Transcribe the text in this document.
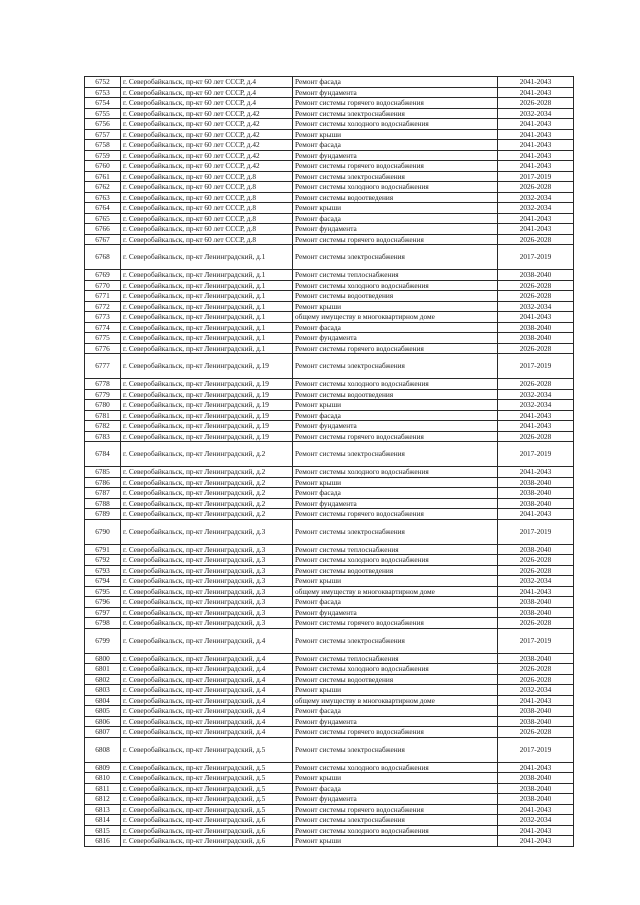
6752	г. Северобайкальск, пр-кт 60 лет СССР, д.4	Ремонт фасада	2041-2043
6753	г. Северобайкальск, пр-кт 60 лет СССР, д.4	Ремонт фундамента	2041-2043
6754	г. Северобайкальск, пр-кт 60 лет СССР, д.4	Ремонт системы горячего водоснабжения	2026-2028
6755	г. Северобайкальск, пр-кт 60 лет СССР, д.42	Ремонт системы электроснабжения	2032-2034
6756	г. Северобайкальск, пр-кт 60 лет СССР, д.42	Ремонт системы холодного водоснабжения	2041-2043
6757	г. Северобайкальск, пр-кт 60 лет СССР, д.42	Ремонт крыши	2041-2043
6758	г. Северобайкальск, пр-кт 60 лет СССР, д.42	Ремонт фасада	2041-2043
6759	г. Северобайкальск, пр-кт 60 лет СССР, д.42	Ремонт фундамента	2041-2043
6760	г. Северобайкальск, пр-кт 60 лет СССР, д.42	Ремонт системы горячего водоснабжения	2041-2043
6761	г. Северобайкальск, пр-кт 60 лет СССР, д.8	Ремонт системы электроснабжения	2017-2019
6762	г. Северобайкальск, пр-кт 60 лет СССР, д.8	Ремонт системы холодного водоснабжения	2026-2028
6763	г. Северобайкальск, пр-кт 60 лет СССР, д.8	Ремонт системы водоотведения	2032-2034
6764	г. Северобайкальск, пр-кт 60 лет СССР, д.8	Ремонт крыши	2032-2034
6765	г. Северобайкальск, пр-кт 60 лет СССР, д.8	Ремонт фасада	2041-2043
6766	г. Северобайкальск, пр-кт 60 лет СССР, д.8	Ремонт фундамента	2041-2043
6767	г. Северобайкальск, пр-кт 60 лет СССР, д.8	Ремонт системы горячего водоснабжения	2026-2028
6768	г. Северобайкальск, пр-кт Ленинградский, д.1	Ремонт системы электроснабжения	2017-2019
6769	г. Северобайкальск, пр-кт Ленинградский, д.1	Ремонт системы теплоснабжения	2038-2040
6770	г. Северобайкальск, пр-кт Ленинградский, д.1	Ремонт системы холодного водоснабжения	2026-2028
6771	г. Северобайкальск, пр-кт Ленинградский, д.1	Ремонт системы водоотведения	2026-2028
6772	г. Северобайкальск, пр-кт Ленинградский, д.1	Ремонт крыши	2032-2034
6773	г. Северобайкальск, пр-кт Ленинградский, д.1	общему имуществу в многоквартирном доме	2041-2043
6774	г. Северобайкальск, пр-кт Ленинградский, д.1	Ремонт фасада	2038-2040
6775	г. Северобайкальск, пр-кт Ленинградский, д.1	Ремонт фундамента	2038-2040
6776	г. Северобайкальск, пр-кт Ленинградский, д.1	Ремонт системы горячего водоснабжения	2026-2028
6777	г. Северобайкальск, пр-кт Ленинградский, д.19	Ремонт системы электроснабжения	2017-2019
6778	г. Северобайкальск, пр-кт Ленинградский, д.19	Ремонт системы холодного водоснабжения	2026-2028
6779	г. Северобайкальск, пр-кт Ленинградский, д.19	Ремонт системы водоотведения	2032-2034
6780	г. Северобайкальск, пр-кт Ленинградский, д.19	Ремонт крыши	2032-2034
6781	г. Северобайкальск, пр-кт Ленинградский, д.19	Ремонт фасада	2041-2043
6782	г. Северобайкальск, пр-кт Ленинградский, д.19	Ремонт фундамента	2041-2043
6783	г. Северобайкальск, пр-кт Ленинградский, д.19	Ремонт системы горячего водоснабжения	2026-2028
6784	г. Северобайкальск, пр-кт Ленинградский, д.2	Ремонт системы электроснабжения	2017-2019
6785	г. Северобайкальск, пр-кт Ленинградский, д.2	Ремонт системы холодного водоснабжения	2041-2043
6786	г. Северобайкальск, пр-кт Ленинградский, д.2	Ремонт крыши	2038-2040
6787	г. Северобайкальск, пр-кт Ленинградский, д.2	Ремонт фасада	2038-2040
6788	г. Северобайкальск, пр-кт Ленинградский, д.2	Ремонт фундамента	2038-2040
6789	г. Северобайкальск, пр-кт Ленинградский, д.2	Ремонт системы горячего водоснабжения	2041-2043
6790	г. Северобайкальск, пр-кт Ленинградский, д.3	Ремонт системы электроснабжения	2017-2019
6791	г. Северобайкальск, пр-кт Ленинградский, д.3	Ремонт системы теплоснабжения	2038-2040
6792	г. Северобайкальск, пр-кт Ленинградский, д.3	Ремонт системы холодного водоснабжения	2026-2028
6793	г. Северобайкальск, пр-кт Ленинградский, д.3	Ремонт системы водоотведения	2026-2028
6794	г. Северобайкальск, пр-кт Ленинградский, д.3	Ремонт крыши	2032-2034
6795	г. Северобайкальск, пр-кт Ленинградский, д.3	общему имуществу в многоквартирном доме	2041-2043
6796	г. Северобайкальск, пр-кт Ленинградский, д.3	Ремонт фасада	2038-2040
6797	г. Северобайкальск, пр-кт Ленинградский, д.3	Ремонт фундамента	2038-2040
6798	г. Северобайкальск, пр-кт Ленинградский, д.3	Ремонт системы горячего водоснабжения	2026-2028
6799	г. Северобайкальск, пр-кт Ленинградский, д.4	Ремонт системы электроснабжения	2017-2019
6800	г. Северобайкальск, пр-кт Ленинградский, д.4	Ремонт системы теплоснабжения	2038-2040
6801	г. Северобайкальск, пр-кт Ленинградский, д.4	Ремонт системы холодного водоснабжения	2026-2028
6802	г. Северобайкальск, пр-кт Ленинградский, д.4	Ремонт системы водоотведения	2026-2028
6803	г. Северобайкальск, пр-кт Ленинградский, д.4	Ремонт крыши	2032-2034
6804	г. Северобайкальск, пр-кт Ленинградский, д.4	общему имуществу в многоквартирном доме	2041-2043
6805	г. Северобайкальск, пр-кт Ленинградский, д.4	Ремонт фасада	2038-2040
6806	г. Северобайкальск, пр-кт Ленинградский, д.4	Ремонт фундамента	2038-2040
6807	г. Северобайкальск, пр-кт Ленинградский, д.4	Ремонт системы горячего водоснабжения	2026-2028
6808	г. Северобайкальск, пр-кт Ленинградский, д.5	Ремонт системы электроснабжения	2017-2019
6809	г. Северобайкальск, пр-кт Ленинградский, д.5	Ремонт системы холодного водоснабжения	2041-2043
6810	г. Северобайкальск, пр-кт Ленинградский, д.5	Ремонт крыши	2038-2040
6811	г. Северобайкальск, пр-кт Ленинградский, д.5	Ремонт фасада	2038-2040
6812	г. Северобайкальск, пр-кт Ленинградский, д.5	Ремонт фундамента	2038-2040
6813	г. Северобайкальск, пр-кт Ленинградский, д.5	Ремонт системы горячего водоснабжения	2041-2043
6814	г. Северобайкальск, пр-кт Ленинградский, д.6	Ремонт системы электроснабжения	2032-2034
6815	г. Северобайкальск, пр-кт Ленинградский, д.6	Ремонт системы холодного водоснабжения	2041-2043
6816	г. Северобайкальск, пр-кт Ленинградский, д.6	Ремонт крыши	2041-2043
